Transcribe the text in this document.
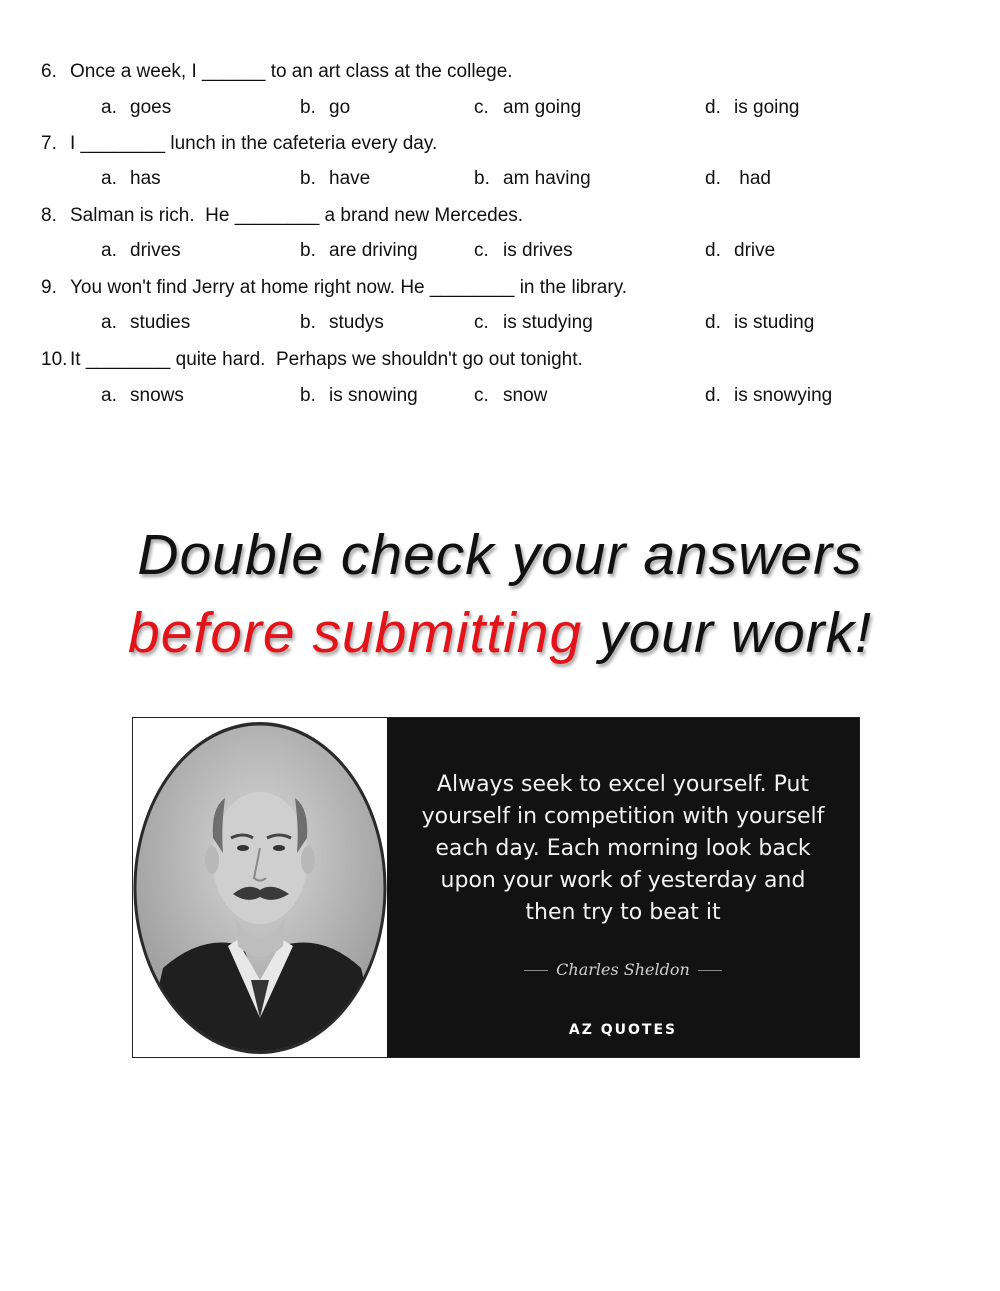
6. Once a week, I ______ to an art class at the college.
a. goes	b. go	c. am going	d. is going
7. I ________ lunch in the cafeteria every day.
a. has	b. have	b. am having	d. had
8. Salman is rich.  He ________ a brand new Mercedes.
a. drives	b. are driving	c. is drives	d. drive
9. You won't find Jerry at home right now. He ________ in the library.
a. studies	b. studys	c. is studying	d. is studing
10. It ________ quite hard.  Perhaps we shouldn't go out tonight.
a. snows	b. is snowing	c. snow	d. is snowying
Double check your answers
before submitting your work!
Always seek to excel yourself. Put yourself in competition with yourself each day. Each morning look back upon your work of yesterday and then try to beat it
Charles Sheldon
AZ QUOTES
